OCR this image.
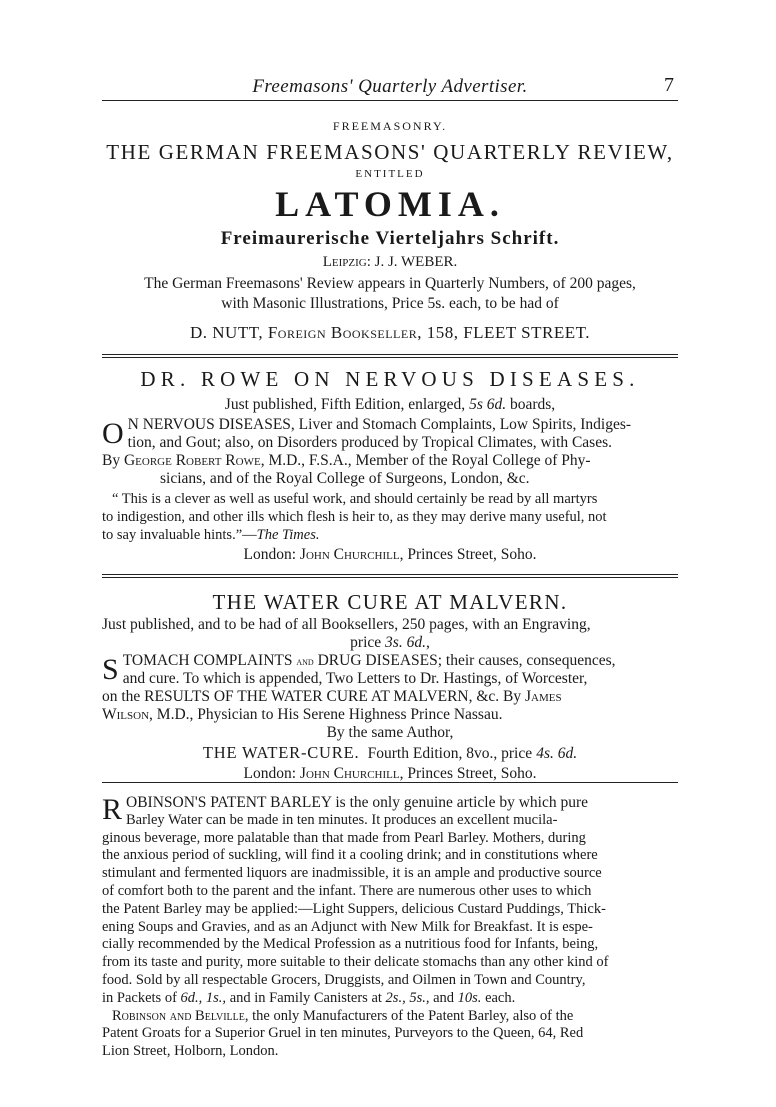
Freemasons' Quarterly Advertiser.	7
FREEMASONRY.
THE GERMAN FREEMASONS' QUARTERLY REVIEW,
ENTITLED
LATOMIA.
Freimaurerische Vierteljahrs Schrift.
Leipzig: J. J. WEBER.
The German Freemasons' Review appears in Quarterly Numbers, of 200 pages,
with Masonic Illustrations, Price 5s. each, to be had of
D. NUTT, Foreign Bookseller, 158, FLEET STREET.
DR. ROWE ON NERVOUS DISEASES.
Just published, Fifth Edition, enlarged, 5s 6d. boards,
O N NERVOUS DISEASES, Liver and Stomach Complaints, Low Spirits, Indiges-
tion, and Gout; also, on Disorders produced by Tropical Climates, with Cases.
By George Robert Rowe, M.D., F.S.A., Member of the Royal College of Phy-
sicians, and of the Royal College of Surgeons, London, &c.
“ This is a clever as well as useful work, and should certainly be read by all martyrs
to indigestion, and other ills which flesh is heir to, as they may derive many useful, not
to say invaluable hints.”—The Times.
London: John Churchill, Princes Street, Soho.
THE WATER CURE AT MALVERN.
Just published, and to be had of all Booksellers, 250 pages, with an Engraving,
price 3s. 6d.,
S TOMACH COMPLAINTS and DRUG DISEASES; their causes, consequences,
and cure. To which is appended, Two Letters to Dr. Hastings, of Worcester,
on the RESULTS OF THE WATER CURE AT MALVERN, &c. By James
Wilson, M.D., Physician to His Serene Highness Prince Nassau.
By the same Author,
THE WATER-CURE. Fourth Edition, 8vo., price 4s. 6d.
London: John Churchill, Princes Street, Soho.
R OBINSON'S PATENT BARLEY is the only genuine article by which pure
Barley Water can be made in ten minutes. It produces an excellent mucila-
ginous beverage, more palatable than that made from Pearl Barley. Mothers, during
the anxious period of suckling, will find it a cooling drink; and in constitutions where
stimulant and fermented liquors are inadmissible, it is an ample and productive source
of comfort both to the parent and the infant. There are numerous other uses to which
the Patent Barley may be applied:—Light Suppers, delicious Custard Puddings, Thick-
ening Soups and Gravies, and as an Adjunct with New Milk for Breakfast. It is espe-
cially recommended by the Medical Profession as a nutritious food for Infants, being,
from its taste and purity, more suitable to their delicate stomachs than any other kind of
food. Sold by all respectable Grocers, Druggists, and Oilmen in Town and Country,
in Packets of 6d., 1s., and in Family Canisters at 2s., 5s., and 10s. each.
Robinson and Belville, the only Manufacturers of the Patent Barley, also of the
Patent Groats for a Superior Gruel in ten minutes, Purveyors to the Queen, 64, Red
Lion Street, Holborn, London.
